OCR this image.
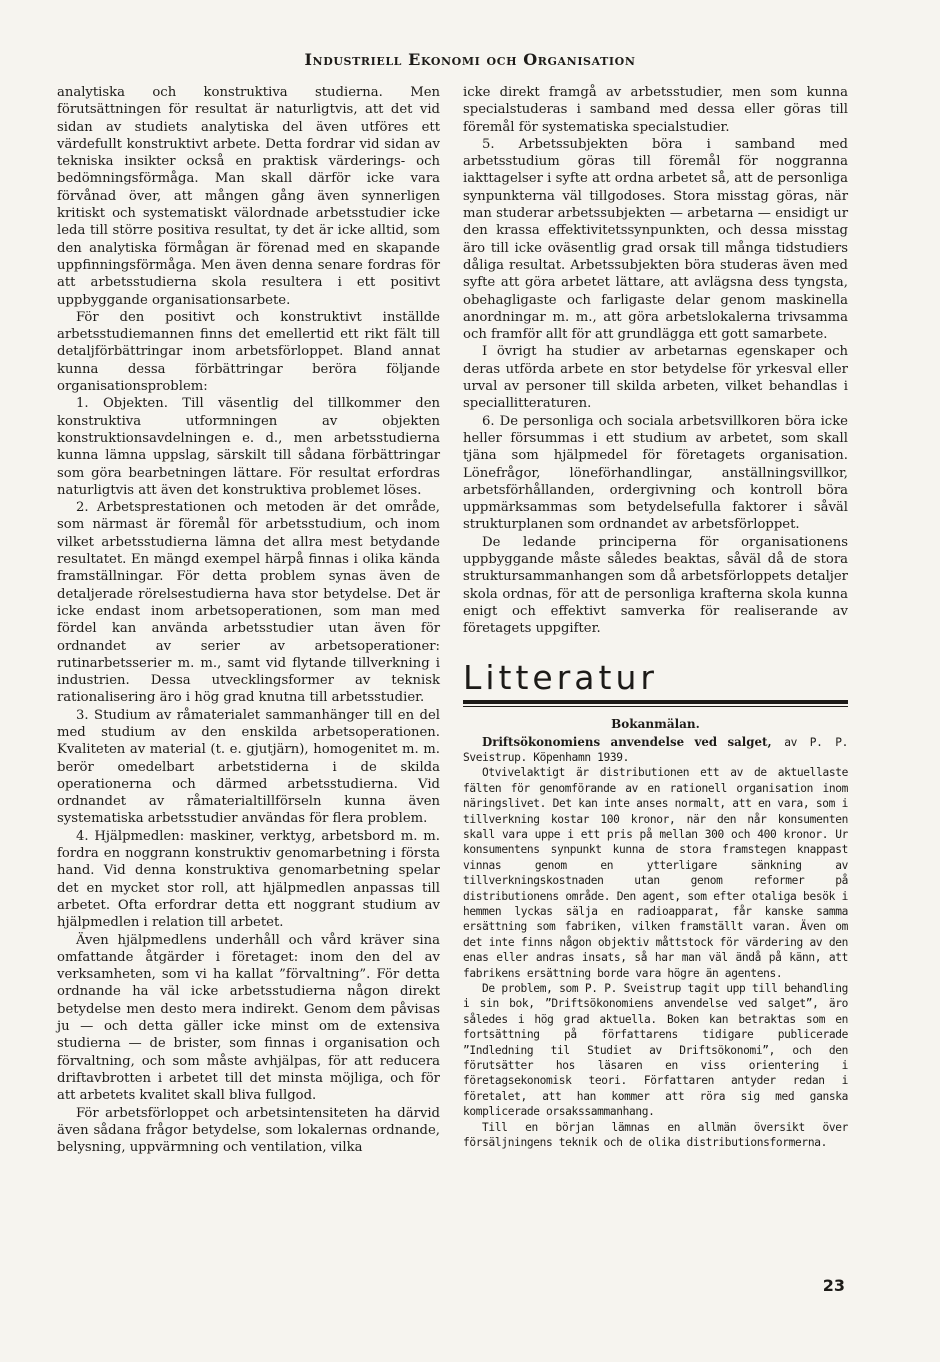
Industriell Ekonomi och Organisation

analytiska och konstruktiva studierna. Men förutsättningen för resultat är naturligtvis, att det vid sidan av studiets analytiska del även utföres ett värdefullt konstruktivt arbete. Detta fordrar vid sidan av tekniska insikter också en praktisk värderings- och bedömningsförmåga. Man skall därför icke vara förvånad över, att mången gång även synnerligen kritiskt och systematiskt välordnade arbetsstudier icke leda till större positiva resultat, ty det är icke alltid, som den analytiska förmågan är förenad med en skapande uppfinningsförmåga. Men även denna senare fordras för att arbetsstudierna skola resultera i ett positivt uppbyggande organisationsarbete.

För den positivt och konstruktivt inställde arbetsstudiemannen finns det emellertid ett rikt fält till detaljförbättringar inom arbetsförloppet. Bland annat kunna dessa förbättringar beröra följande organisationsproblem:

1. Objekten. Till väsentlig del tillkommer den konstruktiva utformningen av objekten konstruktionsavdelningen e. d., men arbetsstudierna kunna lämna uppslag, särskilt till sådana förbättringar som göra bearbetningen lättare. För resultat erfordras naturligtvis att även det konstruktiva problemet löses.

2. Arbetsprestationen och metoden är det område, som närmast är föremål för arbetsstudium, och inom vilket arbetsstudierna lämna det allra mest betydande resultatet. En mängd exempel härpå finnas i olika kända framställningar. För detta problem synas även de detaljerade rörelsestudierna hava stor betydelse. Det är icke endast inom arbetsoperationen, som man med fördel kan använda arbetsstudier utan även för ordnandet av serier av arbetsoperationer: rutinarbetsserier m. m., samt vid flytande tillverkning i industrien. Dessa utvecklingsformer av teknisk rationalisering äro i hög grad knutna till arbetsstudier.

3. Studium av råmaterialet sammanhänger till en del med studium av den enskilda arbetsoperationen. Kvaliteten av material (t. e. gjutjärn), homogenitet m. m. berör omedelbart arbetstiderna i de skilda operationerna och därmed arbetsstudierna. Vid ordnandet av råmaterialtillförseln kunna även systematiska arbetsstudier användas för flera problem.

4. Hjälpmedlen: maskiner, verktyg, arbetsbord m. m. fordra en noggrann konstruktiv genomarbetning i första hand. Vid denna konstruktiva genomarbetning spelar det en mycket stor roll, att hjälpmedlen anpassas till arbetet. Ofta erfordrar detta ett noggrant studium av hjälpmedlen i relation till arbetet.

Även hjälpmedlens underhåll och vård kräver sina omfattande åtgärder i företaget: inom den del av verksamheten, som vi ha kallat ”förvaltning”. För detta ordnande ha väl icke arbetsstudierna någon direkt betydelse men desto mera indirekt. Genom dem påvisas ju — och detta gäller icke minst om de extensiva studierna — de brister, som finnas i organisation och förvaltning, och som måste avhjälpas, för att reducera driftavbrotten i arbetet till det minsta möjliga, och för att arbetets kvalitet skall bliva fullgod.

För arbetsförloppet och arbetsintensiteten ha därvid även sådana frågor betydelse, som lokalernas ordnande, belysning, uppvärmning och ventilation, vilka

icke direkt framgå av arbetsstudier, men som kunna specialstuderas i samband med dessa eller göras till föremål för systematiska specialstudier.

5. Arbetssubjekten böra i samband med arbetsstudium göras till föremål för noggranna iakttagelser i syfte att ordna arbetet så, att de personliga synpunkterna väl tillgodoses. Stora misstag göras, när man studerar arbetssubjekten — arbetarna — ensidigt ur den krassa effektivitetssynpunkten, och dessa misstag äro till icke oväsentlig grad orsak till många tidstudiers dåliga resultat. Arbetssubjekten böra studeras även med syfte att göra arbetet lättare, att avlägsna dess tyngsta, obehagligaste och farligaste delar genom maskinella anordningar m. m., att göra arbetslokalerna trivsamma och framför allt för att grundlägga ett gott samarbete.

I övrigt ha studier av arbetarnas egenskaper och deras utförda arbete en stor betydelse för yrkesval eller urval av personer till skilda arbeten, vilket behandlas i speciallitteraturen.

6. De personliga och sociala arbetsvillkoren böra icke heller försummas i ett studium av arbetet, som skall tjäna som hjälpmedel för företagets organisation. Lönefrågor, löneförhandlingar, anställningsvillkor, arbetsförhållanden, ordergivning och kontroll böra uppmärksammas som betydelsefulla faktorer i såväl strukturplanen som ordnandet av arbetsförloppet.

De ledande principerna för organisationens uppbyggande måste således beaktas, såväl då de stora struktursammanhangen som då arbetsförloppets detaljer skola ordnas, för att de personliga krafterna skola kunna enigt och effektivt samverka för realiserande av företagets uppgifter.

Litteratur
Bokanmälan.

Driftsökonomiens anvendelse ved salget, av P. P. Sveistrup. Köpenhamn 1939.

Otvivelaktigt är distributionen ett av de aktuellaste fälten för genomförande av en rationell organisation inom näringslivet. Det kan inte anses normalt, att en vara, som i tillverkning kostar 100 kronor, när den når konsumenten skall vara uppe i ett pris på mellan 300 och 400 kronor. Ur konsumentens synpunkt kunna de stora framstegen knappast vinnas genom en ytterligare sänkning av tillverkningskostnaden utan genom reformer på distributionens område. Den agent, som efter otaliga besök i hemmen lyckas sälja en radioapparat, får kanske samma ersättning som fabriken, vilken framställt varan. Även om det inte finns någon objektiv måttstock för värdering av den enas eller andras insats, så har man väl ändå på känn, att fabrikens ersättning borde vara högre än agentens.

De problem, som P. P. Sveistrup tagit upp till behandling i sin bok, ”Driftsökonomiens anvendelse ved salget”, äro således i hög grad aktuella. Boken kan betraktas som en fortsättning på författarens tidigare publicerade ”Indledning til Studiet av Driftsökonomi”, och den förutsätter hos läsaren en viss orientering i företagsekonomisk teori. Författaren antyder redan i företalet, att han kommer att röra sig med ganska komplicerade orsakssammanhang.

Till en början lämnas en allmän översikt över försäljningens teknik och de olika distributionsformerna.

23
